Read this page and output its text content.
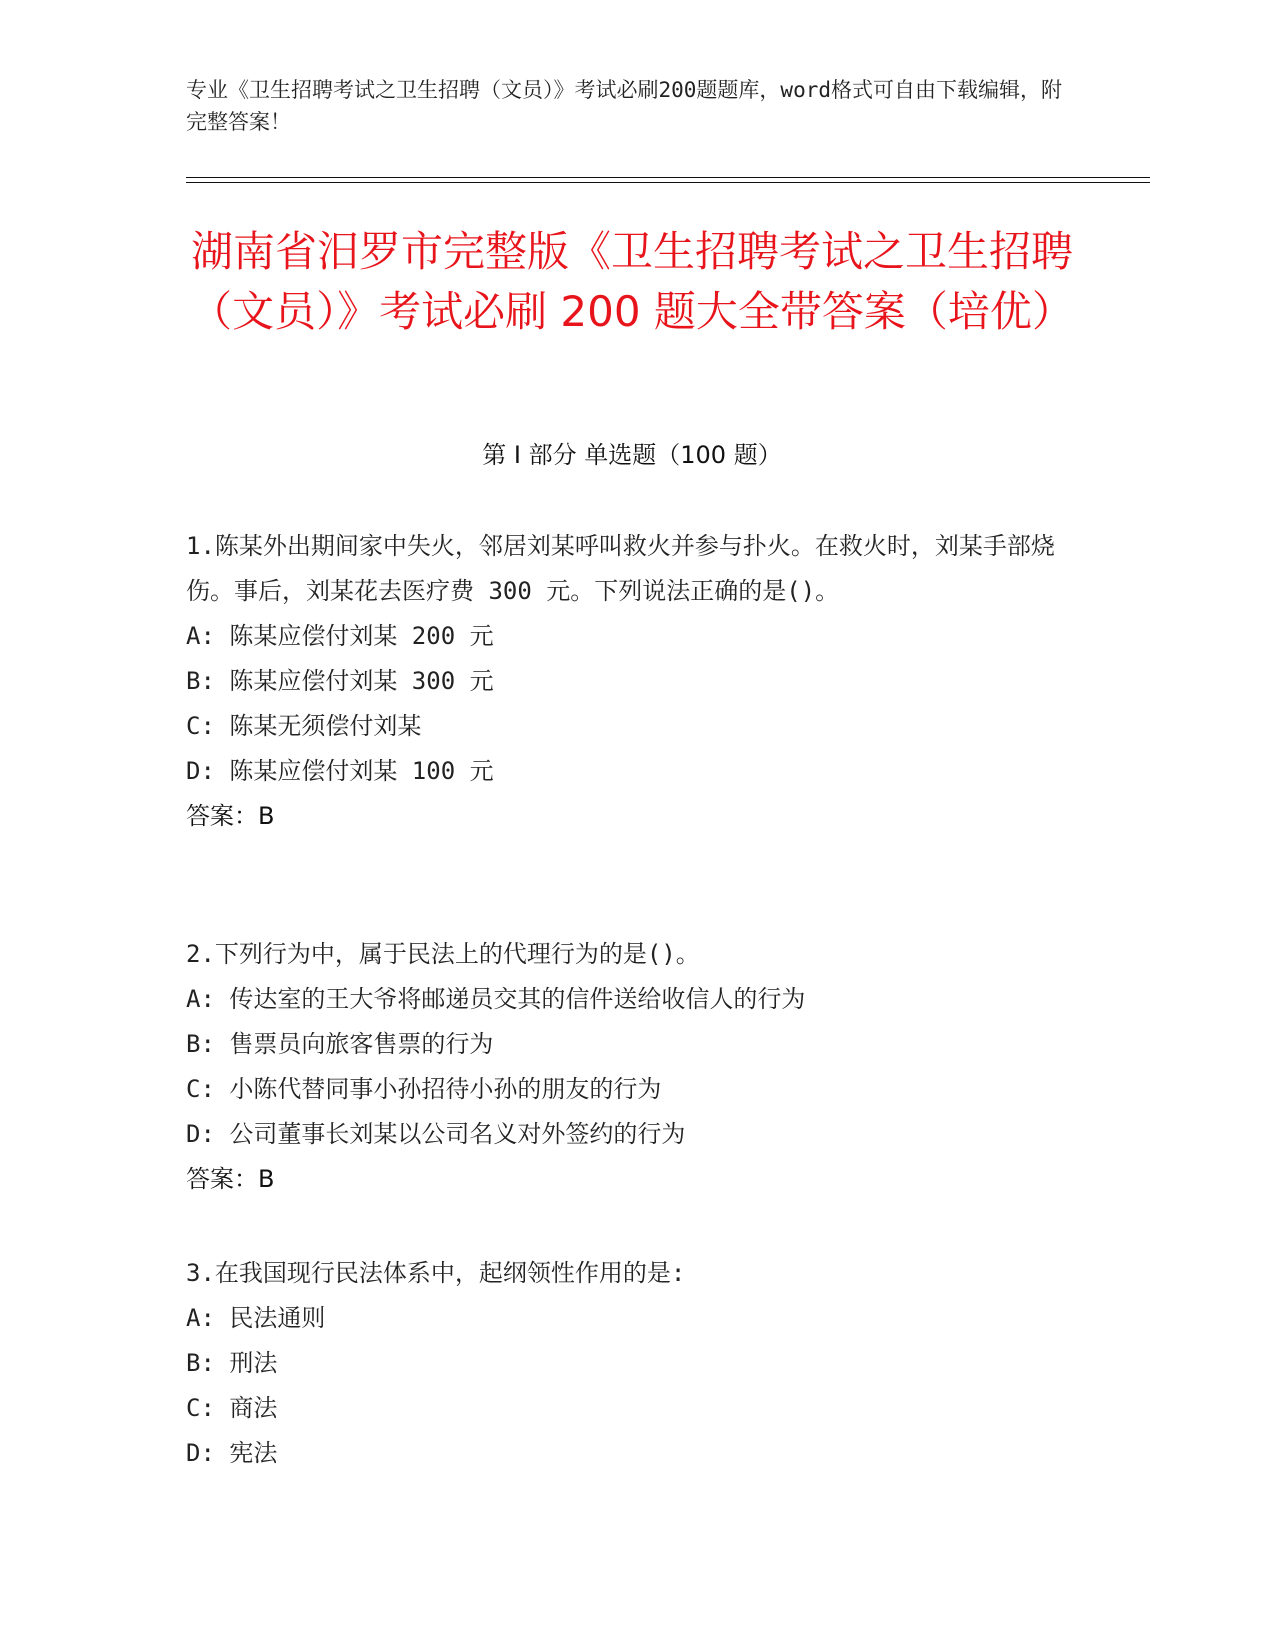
专业《卫生招聘考试之卫生招聘（文员）》考试必刷200题题库，word格式可自由下载编辑，附完整答案！
湖南省汨罗市完整版《卫生招聘考试之卫生招聘（文员）》考试必刷 200 题大全带答案（培优）
第 I 部分 单选题（100 题）
1.陈某外出期间家中失火，邻居刘某呼叫救火并参与扑火。在救火时，刘某手部烧伤。事后，刘某花去医疗费 300 元。下列说法正确的是()。
A: 陈某应偿付刘某 200 元
B: 陈某应偿付刘某 300 元
C: 陈某无须偿付刘某
D: 陈某应偿付刘某 100 元
答案：B
2.下列行为中，属于民法上的代理行为的是()。
A: 传达室的王大爷将邮递员交其的信件送给收信人的行为
B: 售票员向旅客售票的行为
C: 小陈代替同事小孙招待小孙的朋友的行为
D: 公司董事长刘某以公司名义对外签约的行为
答案：B
3.在我国现行民法体系中，起纲领性作用的是:
A: 民法通则
B: 刑法
C: 商法
D: 宪法
